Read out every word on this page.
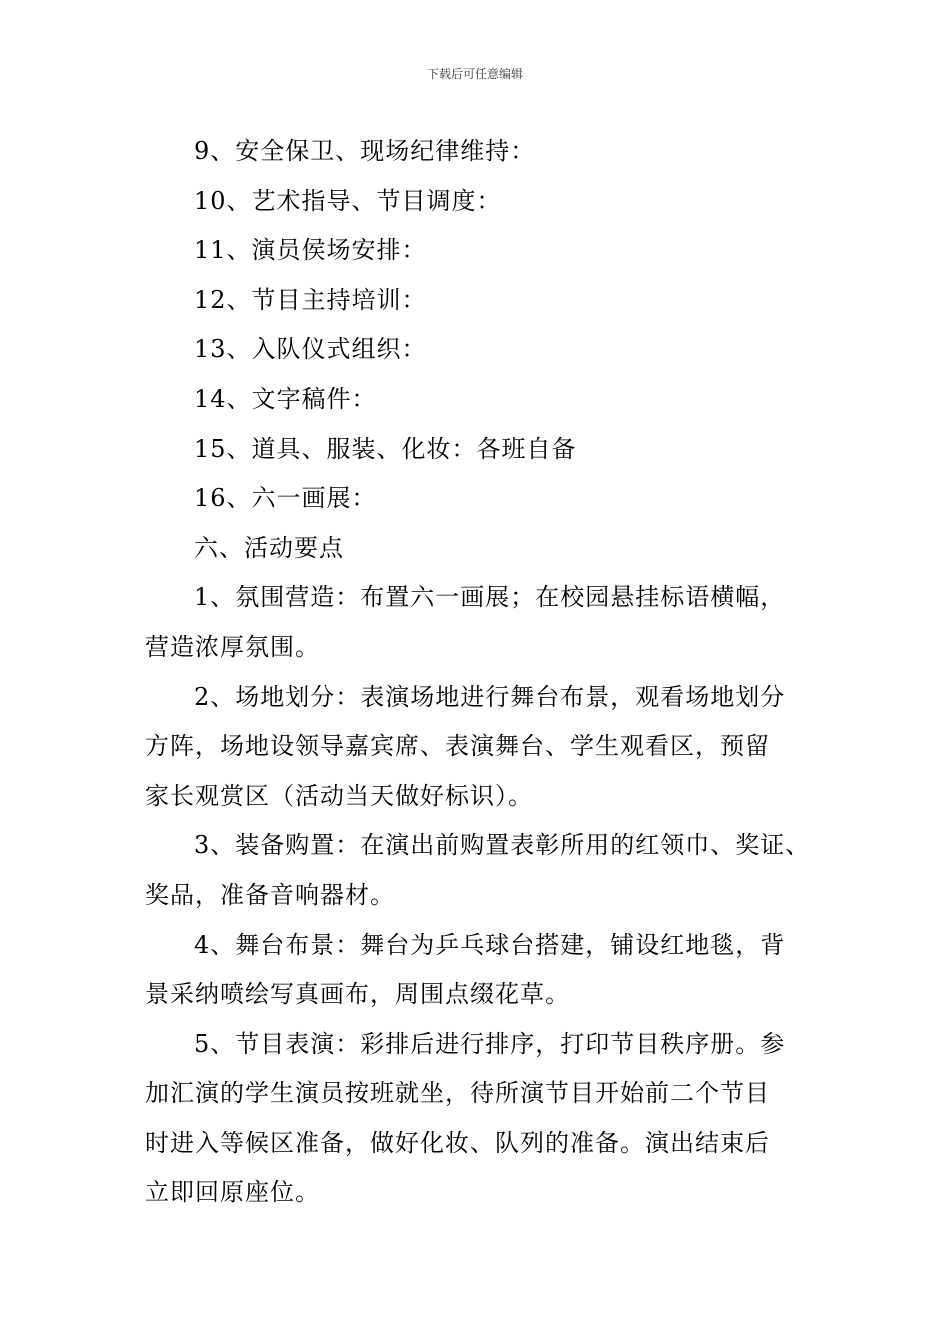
下载后可任意编辑
9、安全保卫、现场纪律维持：
10、艺术指导、节目调度：
11、演员侯场安排：
12、节目主持培训：
13、入队仪式组织：
14、文字稿件：
15、道具、服装、化妆：各班自备
16、六一画展：
六、活动要点
1、氛围营造：布置六一画展；在校园悬挂标语横幅，
营造浓厚氛围。
2、场地划分：表演场地进行舞台布景，观看场地划分
方阵，场地设领导嘉宾席、表演舞台、学生观看区，预留
家长观赏区（活动当天做好标识）。
3、装备购置：在演出前购置表彰所用的红领巾、奖证、
奖品，准备音响器材。
4、舞台布景：舞台为乒乓球台搭建，铺设红地毯，背
景采纳喷绘写真画布，周围点缀花草。
5、节目表演：彩排后进行排序，打印节目秩序册。参
加汇演的学生演员按班就坐，待所演节目开始前二个节目
时进入等候区准备，做好化妆、队列的准备。演出结束后
立即回原座位。
